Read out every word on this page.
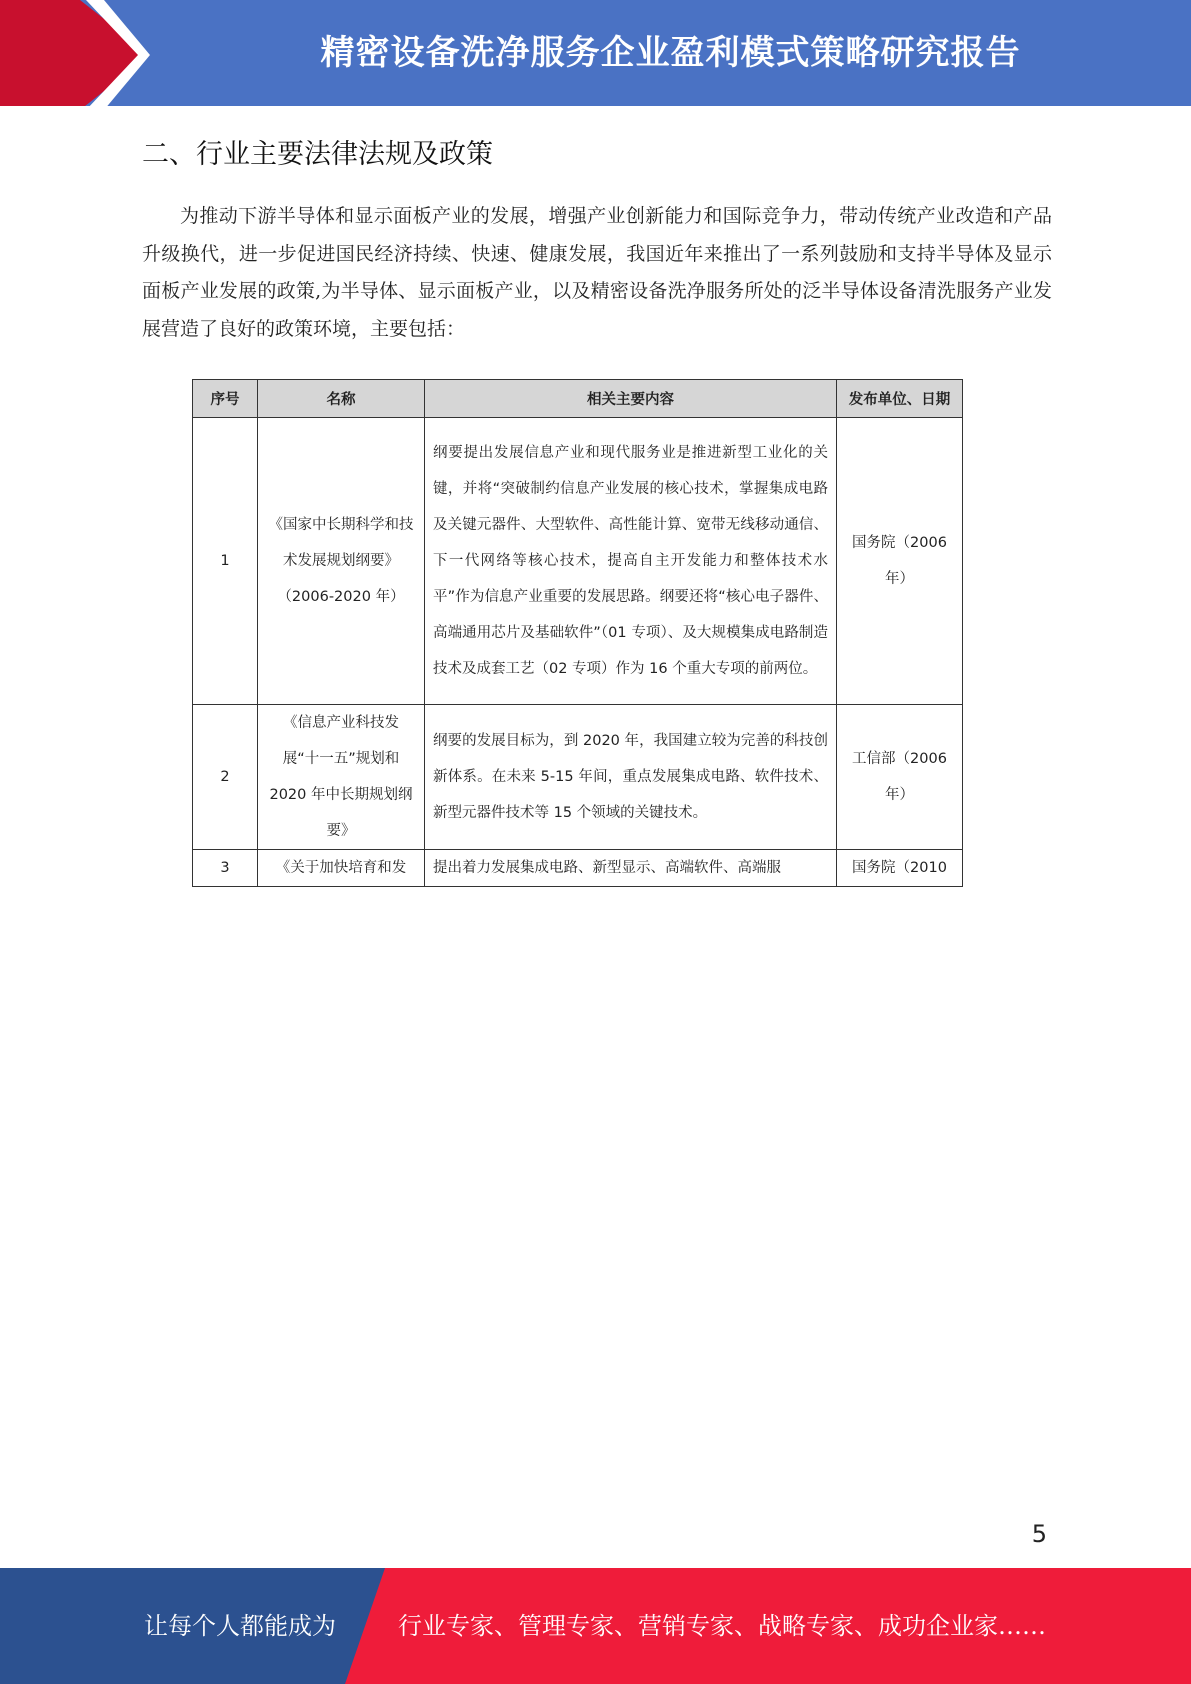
精密设备洗净服务企业盈利模式策略研究报告
二、行业主要法律法规及政策

为推动下游半导体和显示面板产业的发展，增强产业创新能力和国际竞争力，带动传统产业改造和产品升级换代，进一步促进国民经济持续、快速、健康发展，我国近年来推出了一系列鼓励和支持半导体及显示面板产业发展的政策,为半导体、显示面板产业，以及精密设备洗净服务所处的泛半导体设备清洗服务产业发展营造了良好的政策环境，主要包括：

序号	名称	相关主要内容	发布单位、日期
1	《国家中长期科学和技术发展规划纲要》（2006-2020 年）	纲要提出发展信息产业和现代服务业是推进新型工业化的关键，并将“突破制约信息产业发展的核心技术，掌握集成电路及关键元器件、大型软件、高性能计算、宽带无线移动通信、下一代网络等核心技术，提高自主开发能力和整体技术水平”作为信息产业重要的发展思路。纲要还将“核心电子器件、高端通用芯片及基础软件”（01 专项）、及大规模集成电路制造技术及成套工艺（02 专项）作为 16 个重大专项的前两位。	国务院（2006 年）
2	《信息产业科技发展“十一五”规划和2020 年中长期规划纲要》	纲要的发展目标为，到 2020 年，我国建立较为完善的科技创新体系。在未来 5-15 年间，重点发展集成电路、软件技术、新型元器件技术等 15 个领域的关键技术。	工信部（2006 年）
3	《关于加快培育和发	提出着力发展集成电路、新型显示、高端软件、高端服	国务院（2010
5
让每个人都能成为	行业专家、管理专家、营销专家、战略专家、成功企业家……
